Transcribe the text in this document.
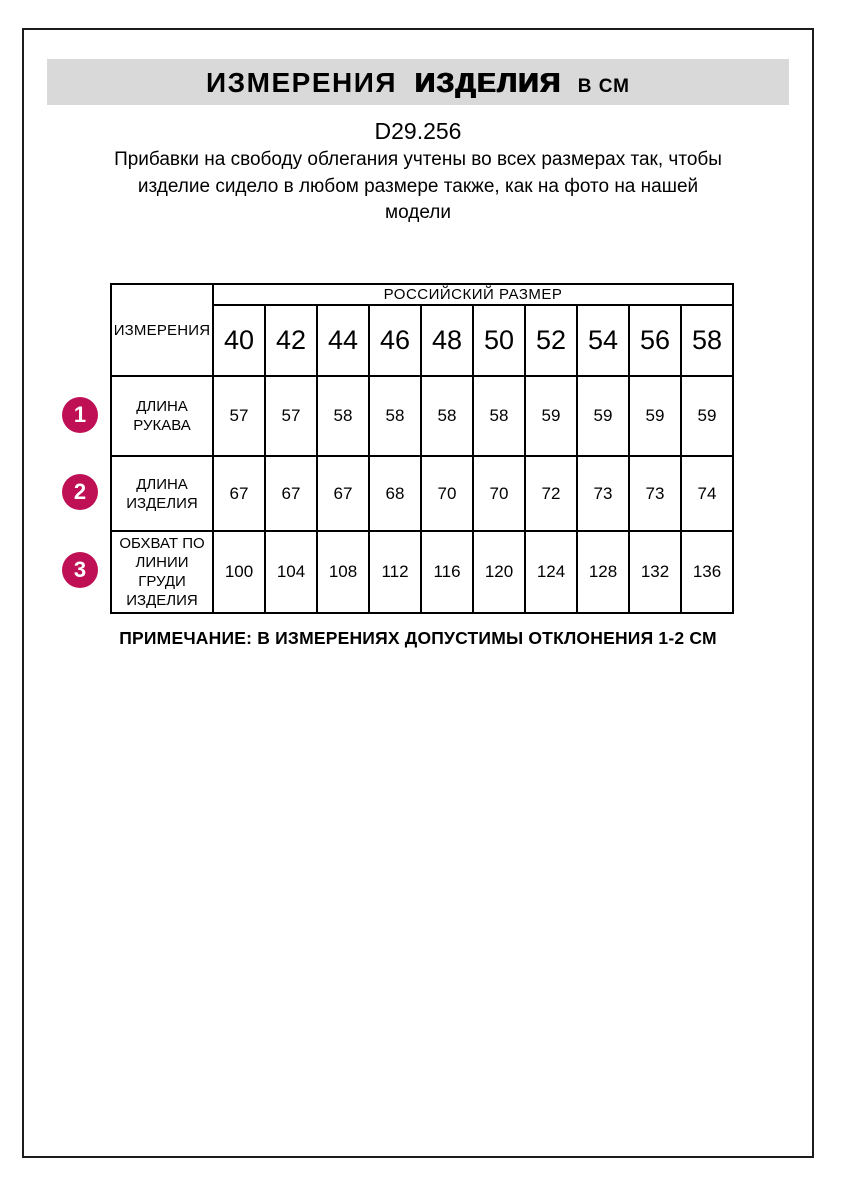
ИЗМЕРЕНИЯ ИЗДЕЛИЯ В СМ
D29.256
Прибавки на свободу облегания учтены во всех размерах так, чтобы
изделие сидело в любом размере также, как на фото на нашей
модели
1
2
3
ИЗМЕРЕНИЯ	РОССИЙСКИЙ РАЗМЕР									
	40	42	44	46	48	50	52	54	56	58
ДЛИНА РУКАВА	57	57	58	58	58	58	59	59	59	59
ДЛИНА ИЗДЕЛИЯ	67	67	67	68	70	70	72	73	73	74
ОБХВАТ ПО ЛИНИИ ГРУДИ ИЗДЕЛИЯ	100	104	108	112	116	120	124	128	132	136
ПРИМЕЧАНИЕ: В ИЗМЕРЕНИЯХ ДОПУСТИМЫ ОТКЛОНЕНИЯ 1-2 СМ
